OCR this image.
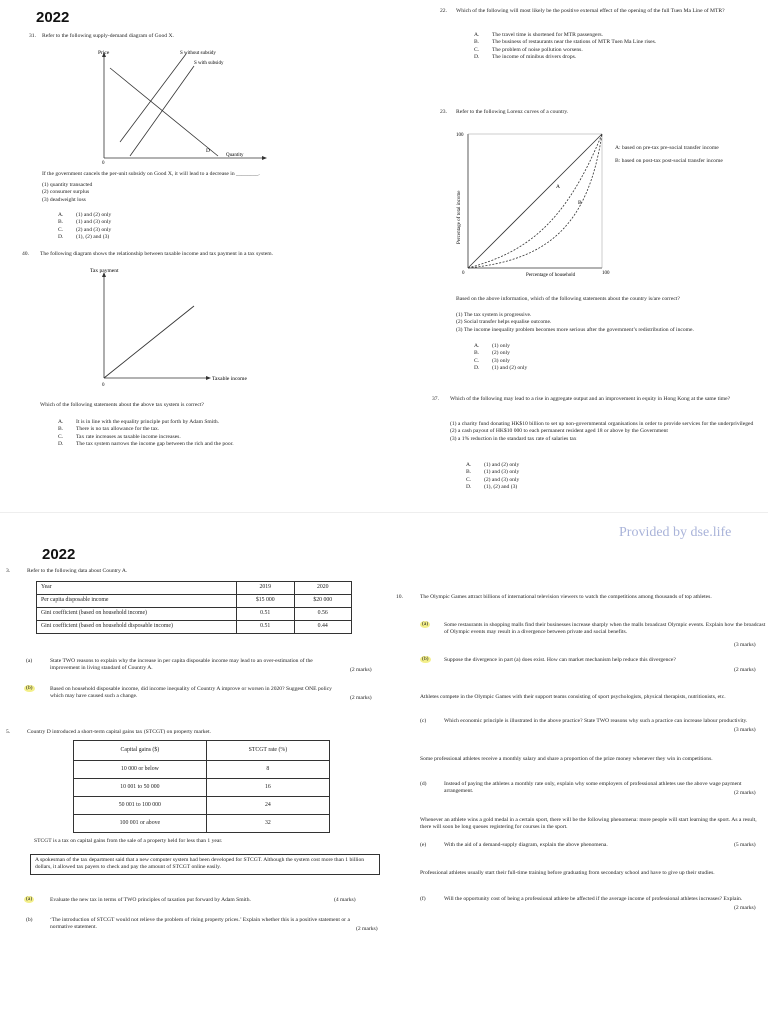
2022
31. Refer to the following supply-demand diagram of Good X.
Price	S without subsidy
S with subsidy
D
Quantity
0
If the government cancels the per-unit subsidy on Good X, it will lead to a decrease in ________.
(1) quantity transacted
(2) consumer surplus
(3) deadweight loss
A.	(1) and (2) only
B.	(1) and (3) only
C.	(2) and (3) only
D.	(1), (2) and (3)
40. The following diagram shows the relationship between taxable income and tax payment in a tax system.
Tax payment
Taxable income
0
Which of the following statements about the above tax system is correct?
A.	It is in line with the equality principle put forth by Adam Smith.
B.	There is no tax allowance for the tax.
C.	Tax rate increases as taxable income increases.
D.	The tax system narrows the income gap between the rich and the poor.
22. Which of the following will most likely be the positive external effect of the opening of the full Tuen Ma Line of MTR?
A.	The travel time is shortened for MTR passengers.
B.	The business of restaurants near the stations of MTR Tuen Ma Line rises.
C.	The problem of noise pollution worsens.
D.	The income of minibus drivers drops.
23. Refer to the following Lorenz curves of a country.
100
100
0
A
B
Percentage of household
Percentage of total income
A: based on pre-tax pre-social transfer income
B: based on post-tax post-social transfer income
Based on the above information, which of the following statements about the country is/are correct?
(1) The tax system is progressive.
(2) Social transfer helps equalise outcome.
(3) The income inequality problem becomes more serious after the government’s redistribution of income.
A.	(1) only
B.	(2) only
C.	(3) only
D.	(1) and (2) only
37. Which of the following may lead to a rise in aggregate output and an improvement in equity in Hong Kong at the same time?
(1) a charity fund donating HK$10 billion to set up non-governmental organisations in order to provide services for the underprivileged
(2) a cash payout of HK$10 000 to each permanent resident aged 18 or above by the Government
(3) a 1% reduction in the standard tax rate of salaries tax
A.	(1) and (2) only
B.	(1) and (3) only
C.	(2) and (3) only
D.	(1), (2) and (3)
Provided by dse.life
2022
3.	Refer to the following data about Country A.
Year	2019	2020
Per capita disposable income	$15 000	$20 000
Gini coefficient (based on household income)	0.51	0.56
Gini coefficient (based on household disposable income)	0.51	0.44
(a)	State TWO reasons to explain why the increase in per capita disposable income may lead to an over-estimation of the improvement in living standard of Country A.	(2 marks)
(b)	Based on household disposable income, did income inequality of Country A improve or worsen in 2020? Suggest ONE policy which may have caused such a change.	(2 marks)
5.	Country D introduced a short-term capital gains tax (STCGT) on property market.
Capital gains ($)	STCGT rate (%)
10 000 or below	8
10 001 to 50 000	16
50 001 to 100 000	24
100 001 or above	32
STCGT is a tax on capital gains from the sale of a property held for less than 1 year.
A spokesman of the tax department said that a new computer system had been developed for STCGT. Although the system cost more than 1 billion dollars, it allowed tax payers to check and pay the amount of STCGT online easily.
(a)	Evaluate the new tax in terms of TWO principles of taxation put forward by Adam Smith.	(4 marks)
(b)	‘The introduction of STCGT would not relieve the problem of rising property prices.’ Explain whether this is a positive statement or a normative statement.	(2 marks)
10.	The Olympic Games attract billions of international television viewers to watch the competitions among thousands of top athletes.
(a)	Some restaurants in shopping malls find their businesses increase sharply when the malls broadcast Olympic events. Explain how the broadcast of Olympic events may result in a divergence between private and social benefits.
(3 marks)
(b)	Suppose the divergence in part (a) does exist. How can market mechanism help reduce this divergence?
(2 marks)
Athletes compete in the Olympic Games with their support teams consisting of sport psychologists, physical therapists, nutritionists, etc.
(c)	Which economic principle is illustrated in the above practice? State TWO reasons why such a practice can increase labour productivity.
(3 marks)
Some professional athletes receive a monthly salary and share a proportion of the prize money whenever they win in competitions.
(d)	Instead of paying the athletes a monthly rate only, explain why some employers of professional athletes use the above wage payment arrangement.	(2 marks)
Whenever an athlete wins a gold medal in a certain sport, there will be the following phenomena: more people will start learning the sport. As a result, there will soon be long queues registering for courses in the sport.
(e)	With the aid of a demand-supply diagram, explain the above phenomena.	(5 marks)
Professional athletes usually start their full-time training before graduating from secondary school and have to give up their studies.
(f)	Will the opportunity cost of being a professional athlete be affected if the average income of professional athletes increases? Explain.
(2 marks)
